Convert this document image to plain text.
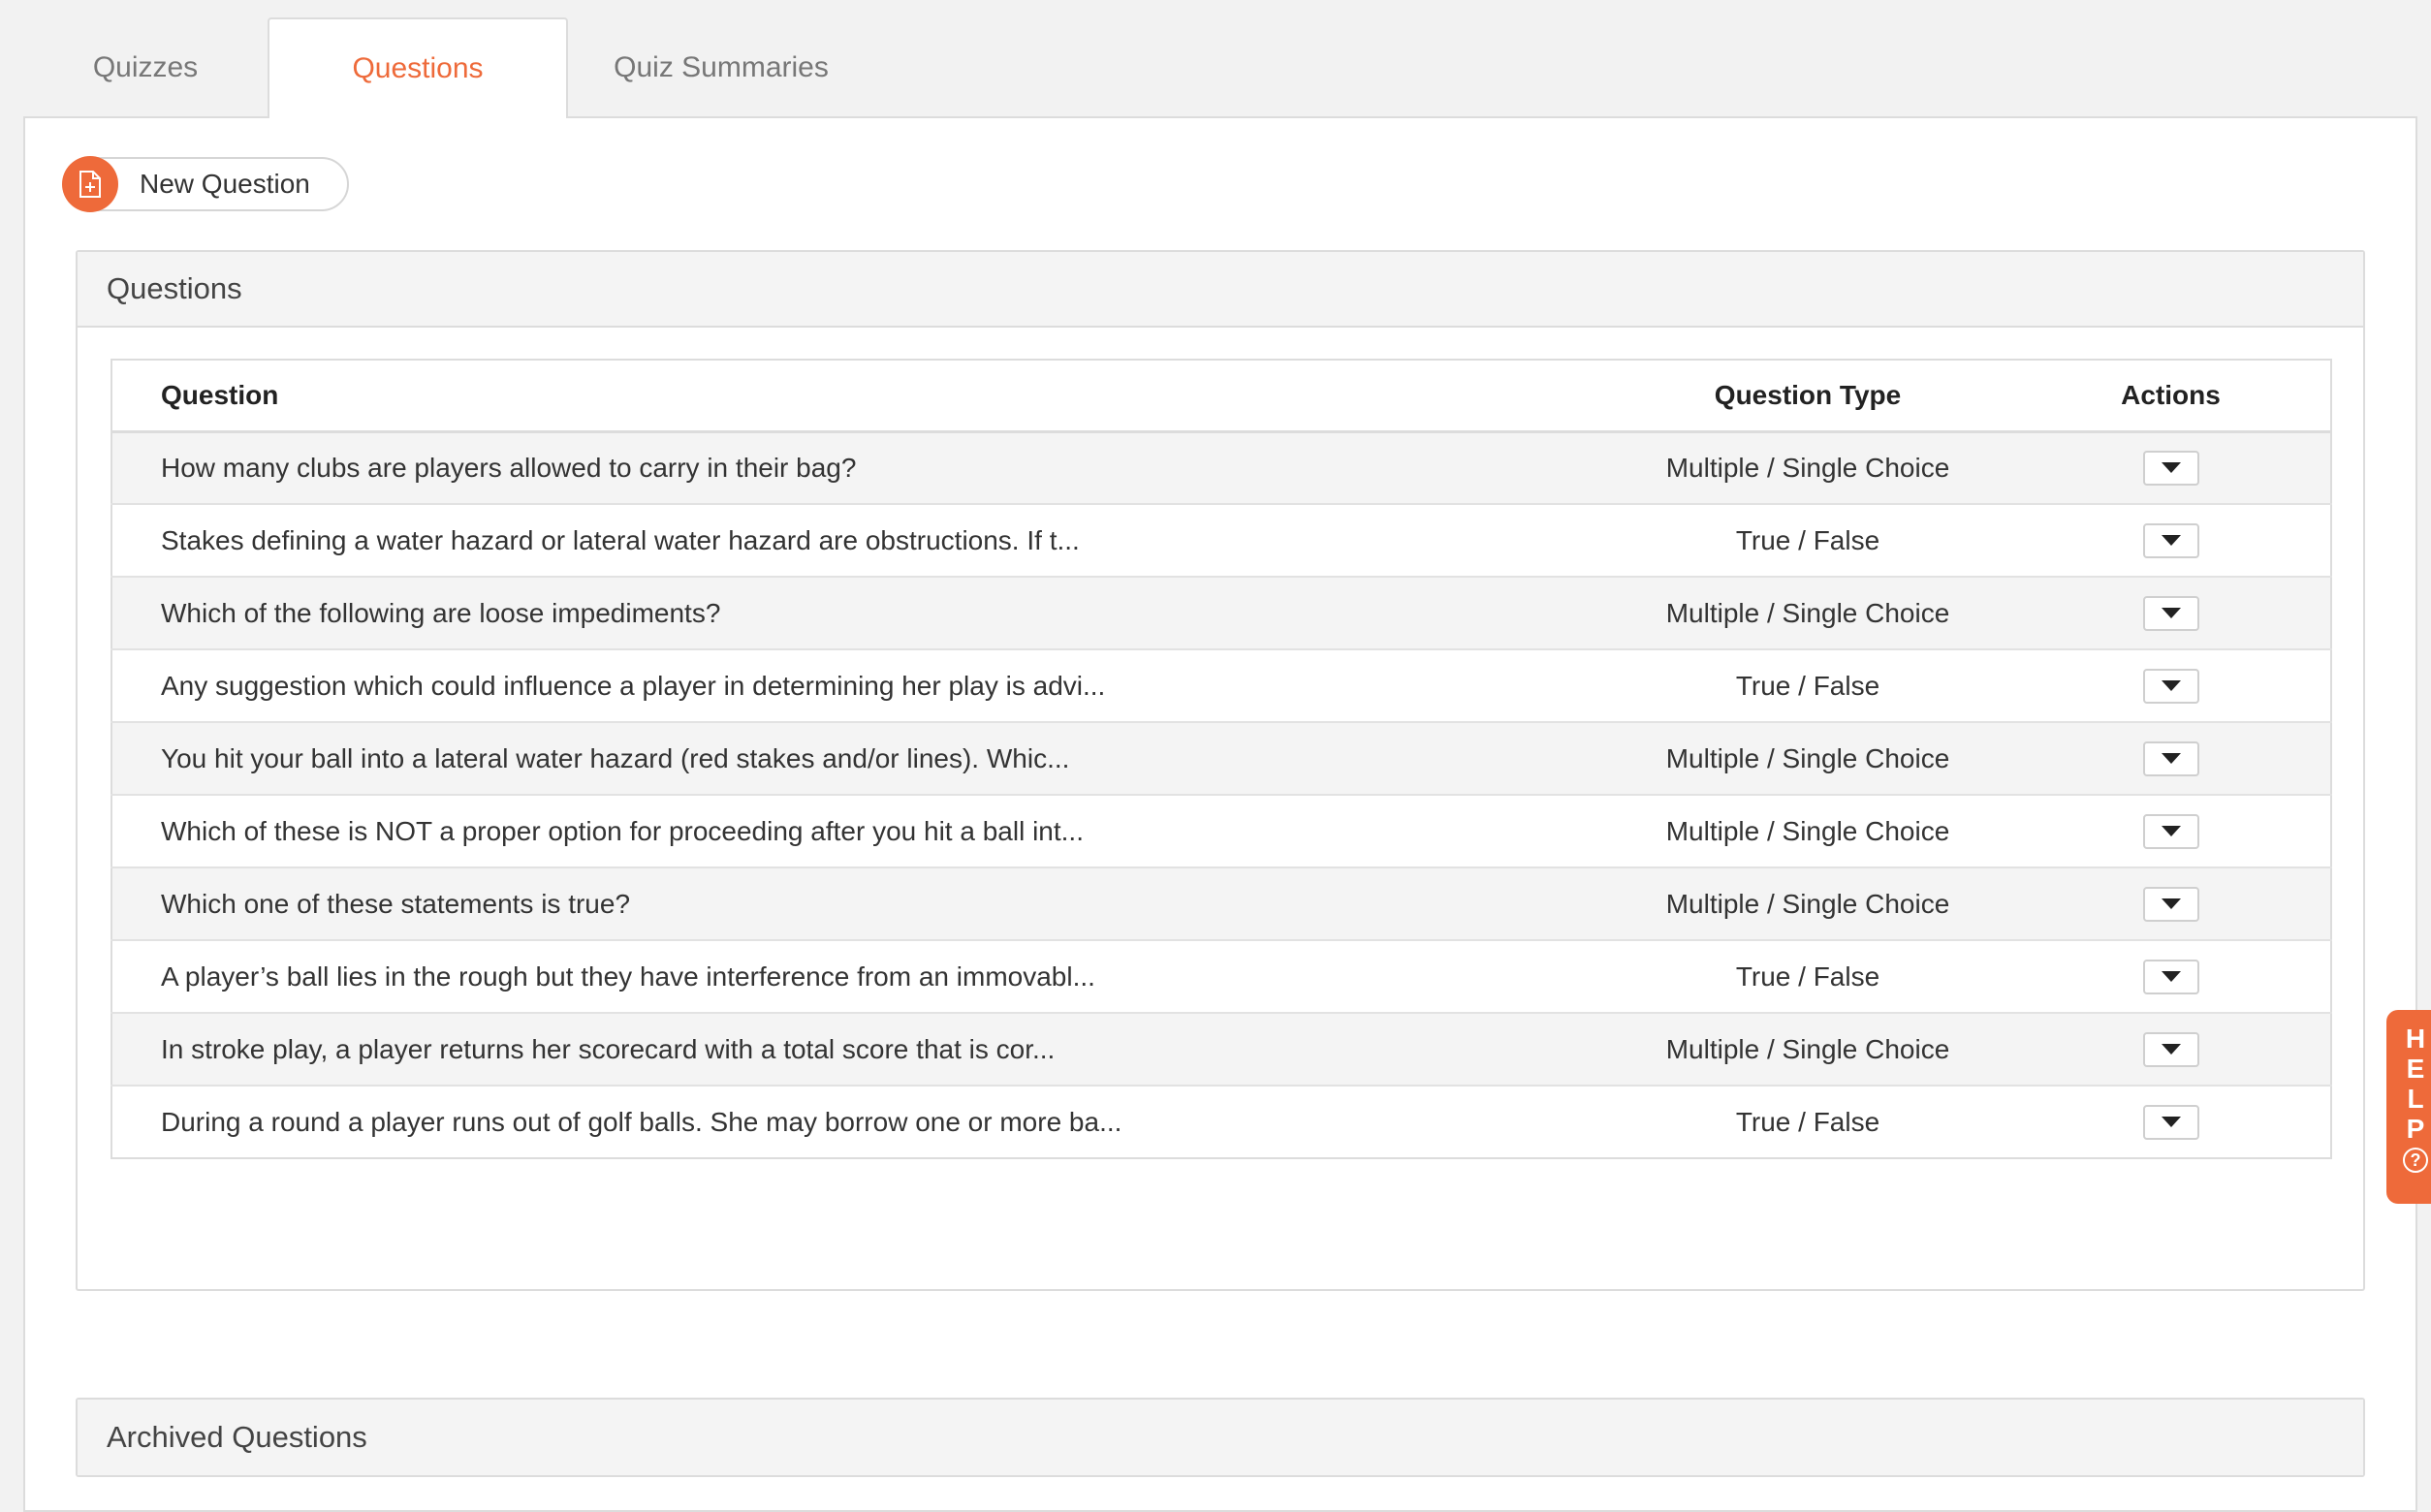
Quizzes	Questions	Quiz Summaries
New Question
Questions
Question	Question Type	Actions
How many clubs are players allowed to carry in their bag?	Multiple / Single Choice	

Stakes defining a water hazard or lateral water hazard are obstructions. If t...	True / False	

Which of the following are loose impediments?	Multiple / Single Choice	

Any suggestion which could influence a player in determining her play is advi...	True / False	

You hit your ball into a lateral water hazard (red stakes and/or lines). Whic...	Multiple / Single Choice	

Which of these is NOT a proper option for proceeding after you hit a ball int...	Multiple / Single Choice	

Which one of these statements is true?	Multiple / Single Choice	

A player’s ball lies in the rough but they have interference from an immovabl...	True / False	

In stroke play, a player returns her scorecard with a total score that is cor...	Multiple / Single Choice	

During a round a player runs out of golf balls. She may borrow one or more ba...	True / False	
Archived Questions
H
E
L
P
?
